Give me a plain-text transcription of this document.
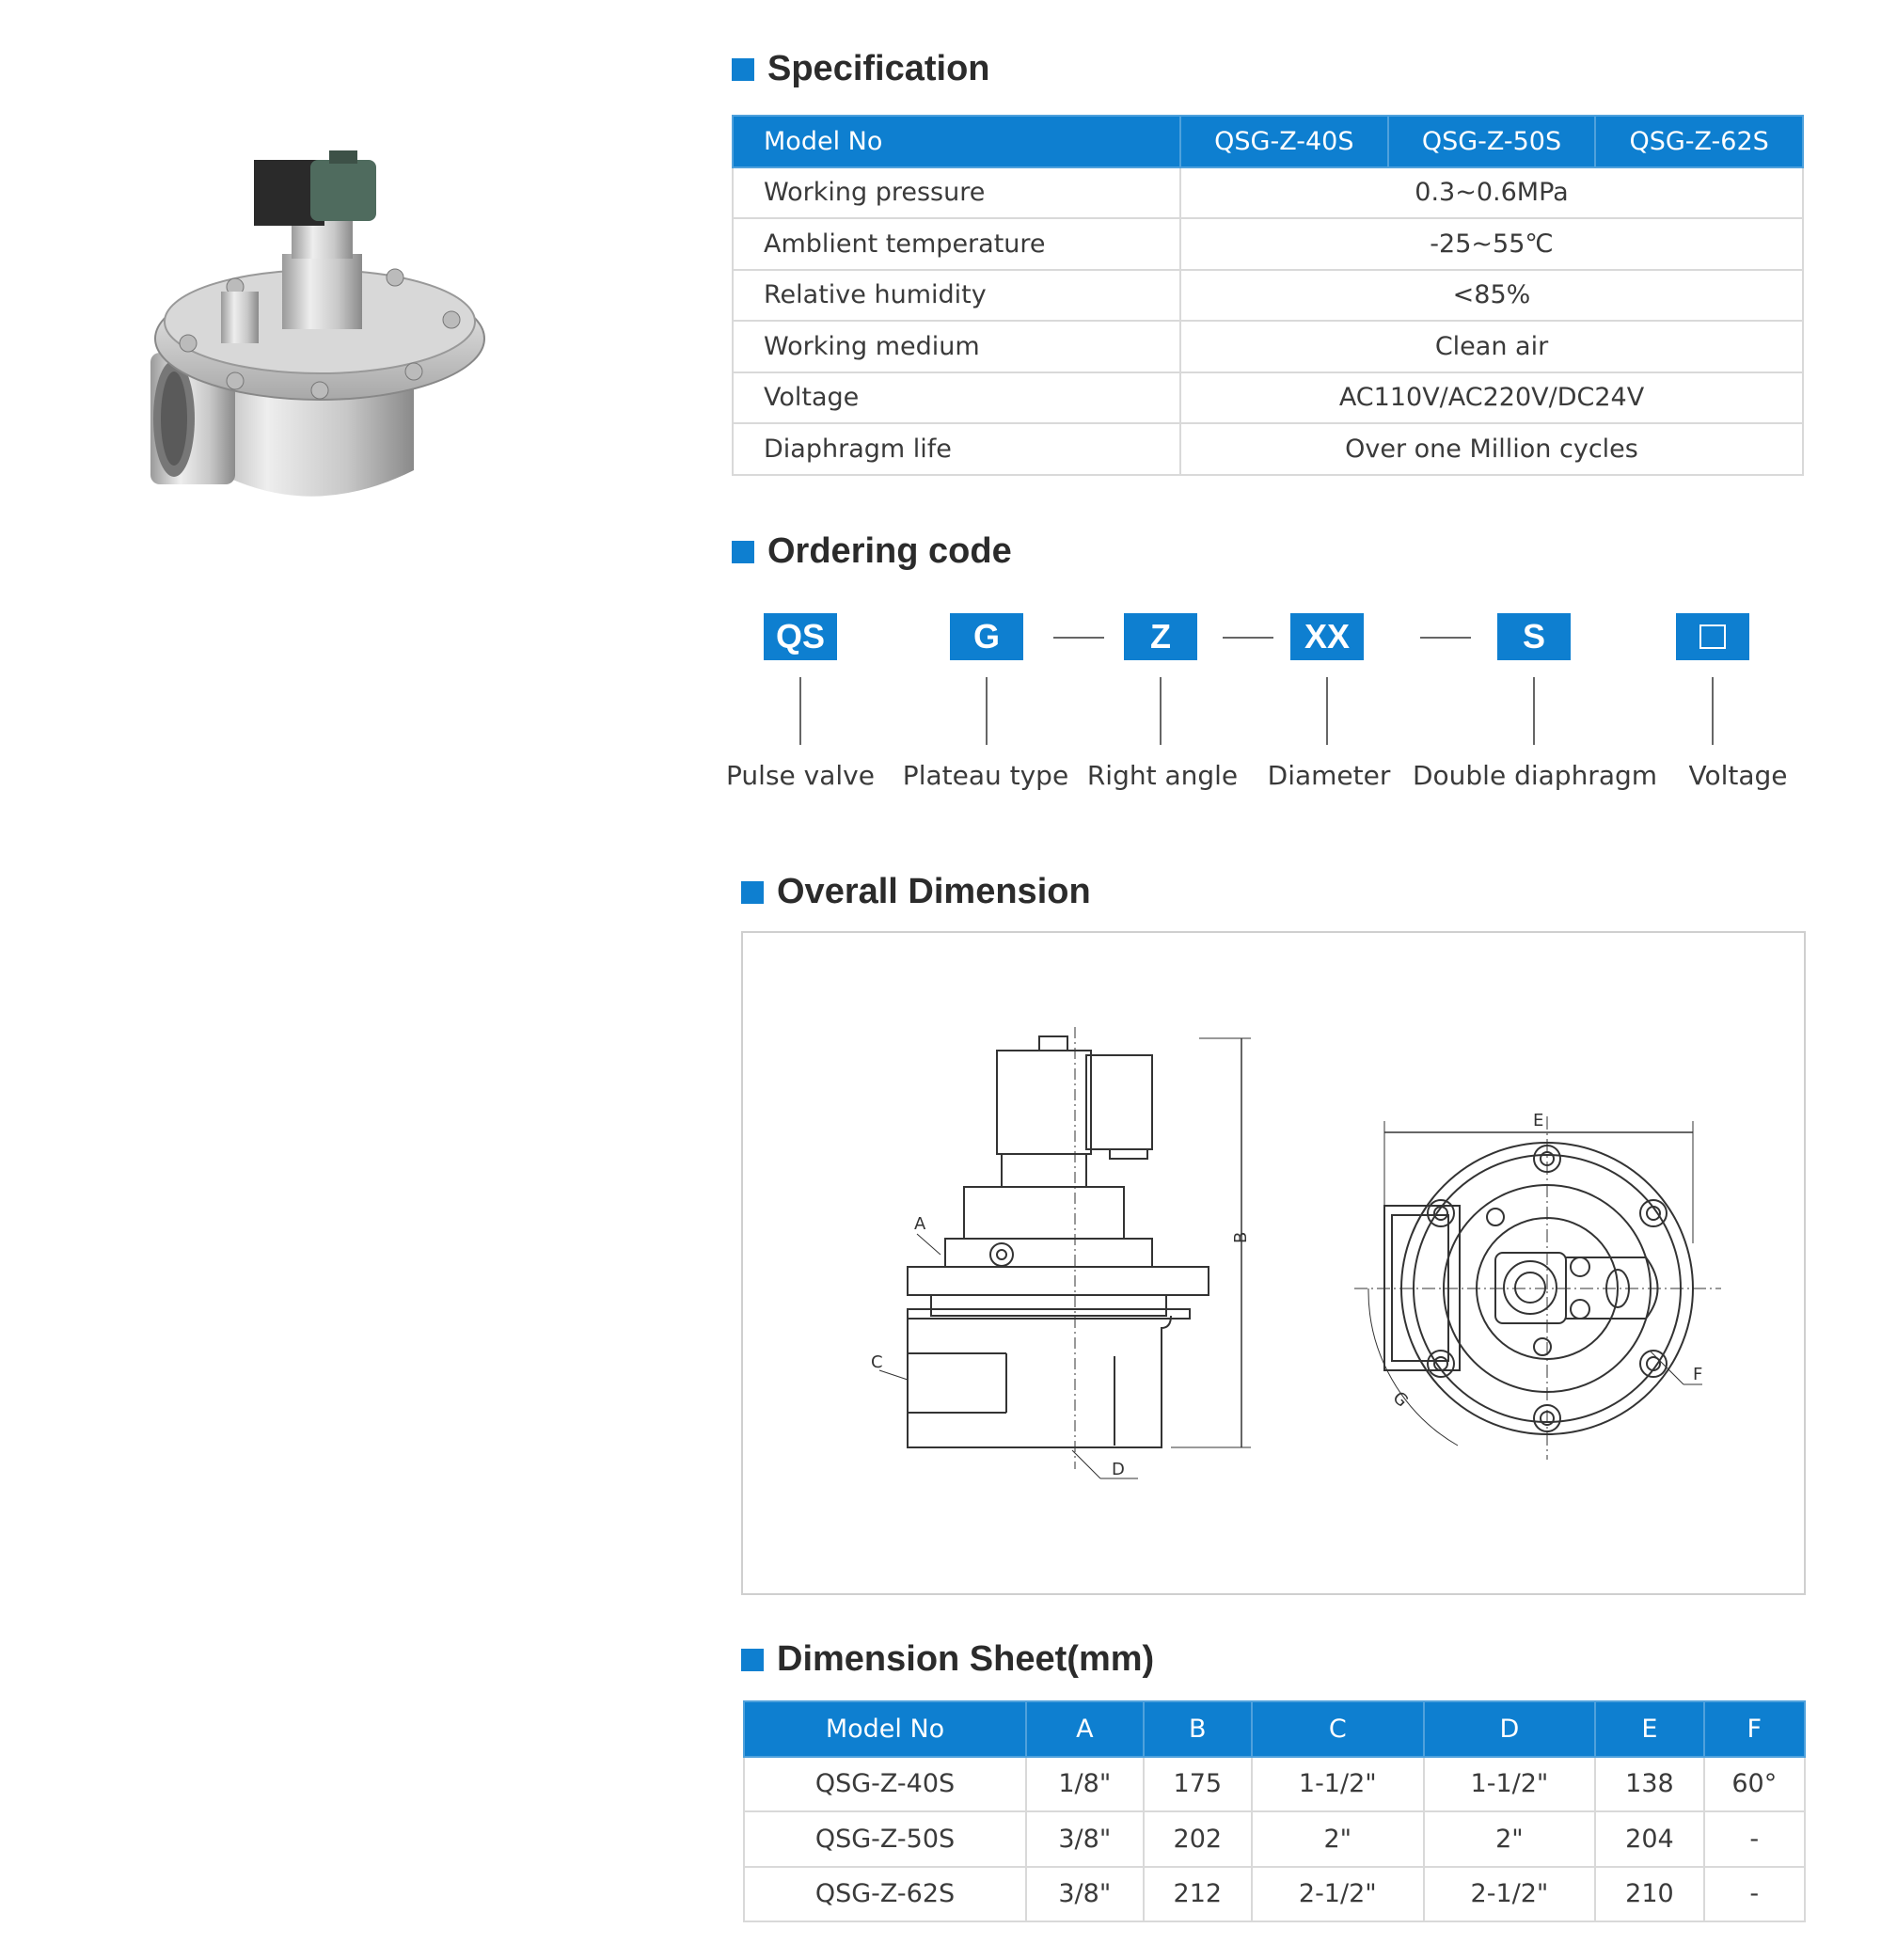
Specification
Model No	QSG-Z-40S	QSG-Z-50S	QSG-Z-62S
Working pressure	0.3~0.6MPa		
Amblient temperature	-25~55℃		
Relative humidity	<85%		
Working medium	Clean air		
Voltage	AC110V/AC220V/DC24V		
Diaphragm life	Over one Million cycles		
Ordering code
QS	G	Z	XX	S
Pulse valve Plateau type Right angle Diameter Double diaphragm Voltage
Overall Dimension
A
B
C
D
E
F
G
Dimension Sheet(mm)
Model No	A	B	C	D	E	F
QSG-Z-40S	1/8"	175	1-1/2"	1-1/2"	138	60°
QSG-Z-50S	3/8"	202	2"	2"	204	-
QSG-Z-62S	3/8"	212	2-1/2"	2-1/2"	210	-
